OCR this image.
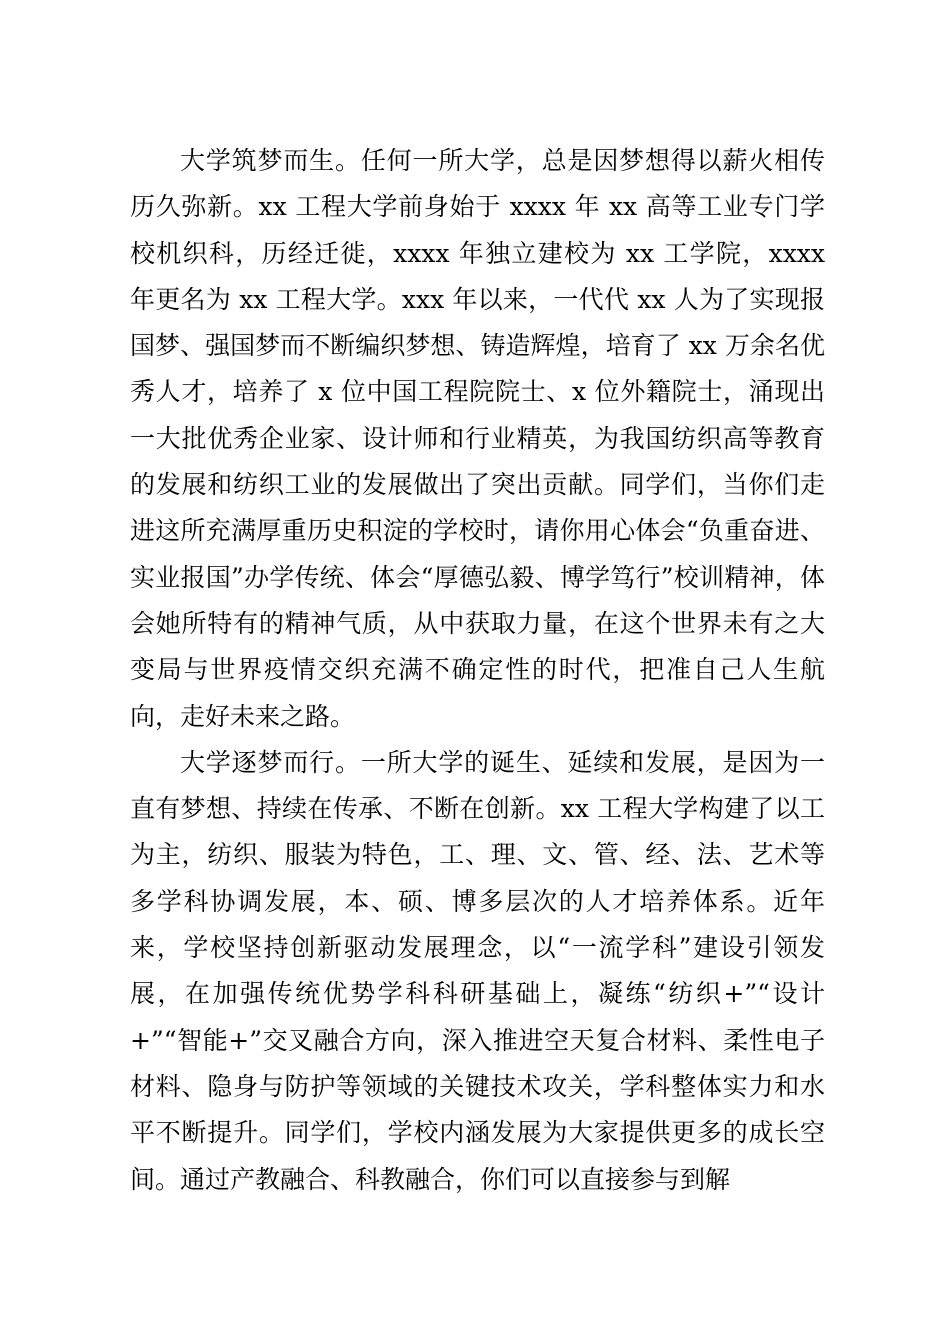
大学筑梦而生。任何一所大学，总是因梦想得以薪火相传历久弥新。xx 工程大学前身始于 xxxx 年 xx 高等工业专门学校机织科，历经迁徙，xxxx 年独立建校为 xx 工学院，xxxx 年更名为 xx 工程大学。xxx 年以来，一代代 xx 人为了实现报国梦、强国梦而不断编织梦想、铸造辉煌，培育了 xx 万余名优秀人才，培养了 x 位中国工程院院士、x 位外籍院士，涌现出一大批优秀企业家、设计师和行业精英，为我国纺织高等教育的发展和纺织工业的发展做出了突出贡献。同学们，当你们走进这所充满厚重历史积淀的学校时，请你用心体会“负重奋进、实业报国”办学传统、体会“厚德弘毅、博学笃行”校训精神，体会她所特有的精神气质，从中获取力量，在这个世界未有之大变局与世界疫情交织充满不确定性的时代，把准自己人生航向，走好未来之路。

大学逐梦而行。一所大学的诞生、延续和发展，是因为一直有梦想、持续在传承、不断在创新。xx 工程大学构建了以工为主，纺织、服装为特色，工、理、文、管、经、法、艺术等多学科协调发展，本、硕、博多层次的人才培养体系。近年来，学校坚持创新驱动发展理念，以“一流学科”建设引领发展，在加强传统优势学科科研基础上，凝练“纺织+”“设计+”“智能+”交叉融合方向，深入推进空天复合材料、柔性电子材料、隐身与防护等领域的关键技术攻关，学科整体实力和水平不断提升。同学们，学校内涵发展为大家提供更多的成长空间。通过产教融合、科教融合，你们可以直接参与到解
